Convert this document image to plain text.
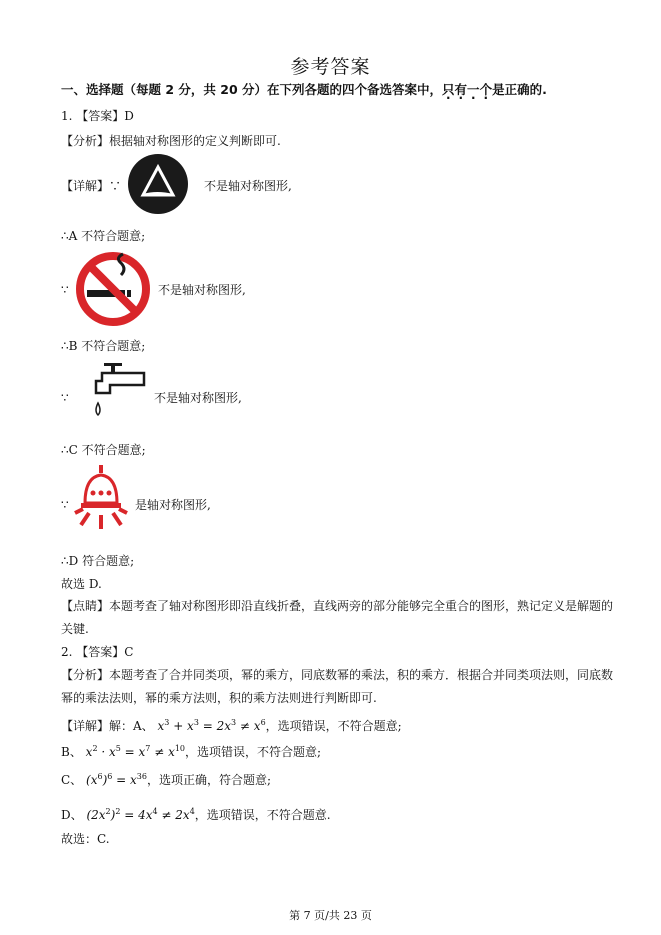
参考答案
一、选择题（每题 2 分，共 20 分）在下列各题的四个备选答案中，只有一个是正确的.
1. 【答案】D
【分析】根据轴对称图形的定义判断即可.
【详解】∵	不是轴对称图形,
∴A 不符合题意;
∵	不是轴对称图形,
∴B 不符合题意;
∵	不是轴对称图形,
∴C 不符合题意;
∵	是轴对称图形,
∴D 符合题意;
故选 D.
【点睛】本题考查了轴对称图形即沿直线折叠，直线两旁的部分能够完全重合的图形，熟记定义是解题的
关键.
2. 【答案】C
【分析】本题考查了合并同类项，幂的乘方，同底数幂的乘法，积的乘方．根据合并同类项法则，同底数
幂的乘法法则，幂的乘方法则，积的乘方法则进行判断即可.
【详解】解：A、 $x^3 + x^3 = 2x^3 \ne x^6$，选项错误，不符合题意;
B、 $x^2 \cdot x^5 = x^7 \ne x^{10}$，选项错误，不符合题意;
C、 $(x^6)^6 = x^{36}$，选项正确，符合题意;
D、 $(2x^2)^2 = 4x^4 \ne 2x^4$，选项错误，不符合题意.
故选：C.
第 7 页/共 23 页
